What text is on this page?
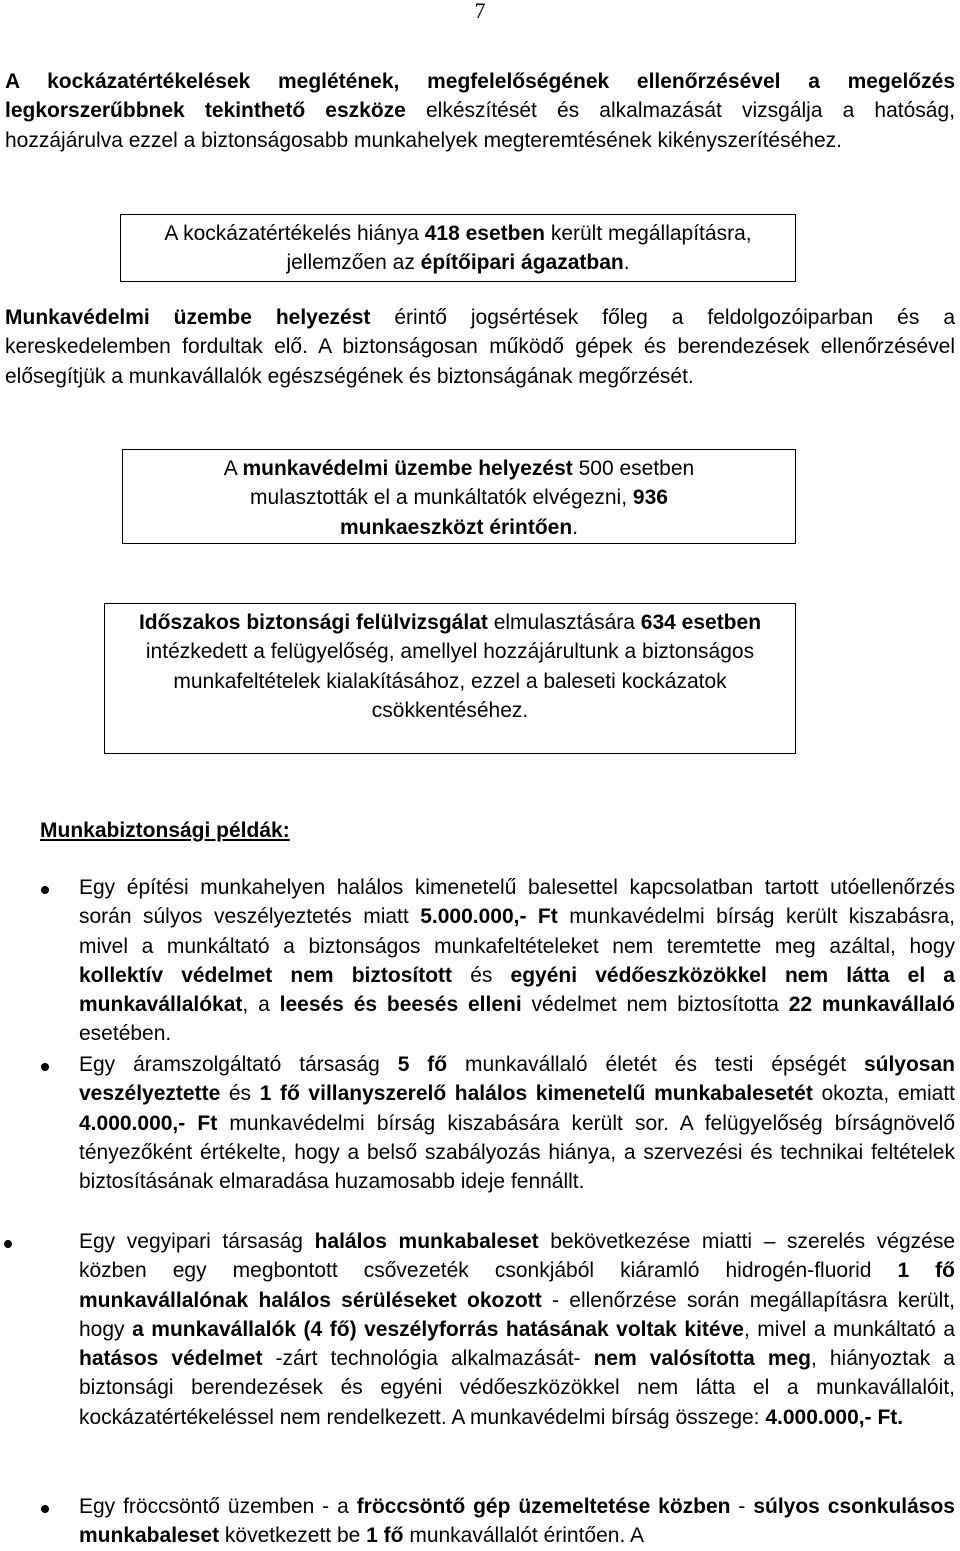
7
A kockázatértékelések meglétének, megfelelőségének ellenőrzésével a megelőzés legkorszerűbbnek tekinthető eszköze elkészítését és alkalmazását vizsgálja a hatóság, hozzájárulva ezzel a biztonságosabb munkahelyek megteremtésének kikényszerítéséhez.
A kockázatértékelés hiánya 418 esetben került megállapításra, jellemzően az építőipari ágazatban.
Munkavédelmi üzembe helyezést érintő jogsértések főleg a feldolgozóiparban és a kereskedelemben fordultak elő. A biztonságosan működő gépek és berendezések ellenőrzésével elősegítjük a munkavállalók egészségének és biztonságának megőrzését.
A munkavédelmi üzembe helyezést 500 esetben mulasztották el a munkáltatók elvégezni, 936 munkaeszközt érintően.
Időszakos biztonsági felülvizsgálat elmulasztására 634 esetben intézkedett a felügyelőség, amellyel hozzájárultunk a biztonságos munkafeltételek kialakításához, ezzel a baleseti kockázatok csökkentéséhez.
Munkabiztonsági példák:
Egy építési munkahelyen halálos kimenetelű balesettel kapcsolatban tartott utóellenőrzés során súlyos veszélyeztetés miatt 5.000.000,- Ft munkavédelmi bírság került kiszabásra, mivel a munkáltató a biztonságos munkafeltételeket nem teremtette meg azáltal, hogy kollektív védelmet nem biztosított és egyéni védőeszközökkel nem látta el a munkavállalókat, a leesés és beesés elleni védelmet nem biztosította 22 munkavállaló esetében.
Egy áramszolgáltató társaság 5 fő munkavállaló életét és testi épségét súlyosan veszélyeztette és 1 fő villanyszerelő halálos kimenetelű munkabalesetét okozta, emiatt 4.000.000,- Ft munkavédelmi bírság kiszabására került sor. A felügyelőség bírságnövelő tényezőként értékelte, hogy a belső szabályozás hiánya, a szervezési és technikai feltételek biztosításának elmaradása huzamosabb ideje fennállt.
Egy vegyipari társaság halálos munkabaleset bekövetkezése miatti – szerelés végzése közben egy megbontott csővezeték csonkjából kiáramló hidrogén-fluorid 1 fő munkavállalónak halálos sérüléseket okozott - ellenőrzése során megállapításra került, hogy a munkavállalók (4 fő) veszélyforrás hatásának voltak kitéve, mivel a munkáltató a hatásos védelmet -zárt technológia alkalmazását- nem valósította meg, hiányoztak a biztonsági berendezések és egyéni védőeszközökkel nem látta el a munkavállalóit, kockázatértékeléssel nem rendelkezett. A munkavédelmi bírság összege: 4.000.000,- Ft.
Egy fröccsöntő üzemben - a fröccsöntő gép üzemeltetése közben - súlyos csonkulásos munkabaleset következett be 1 fő munkavállalót érintően. A
